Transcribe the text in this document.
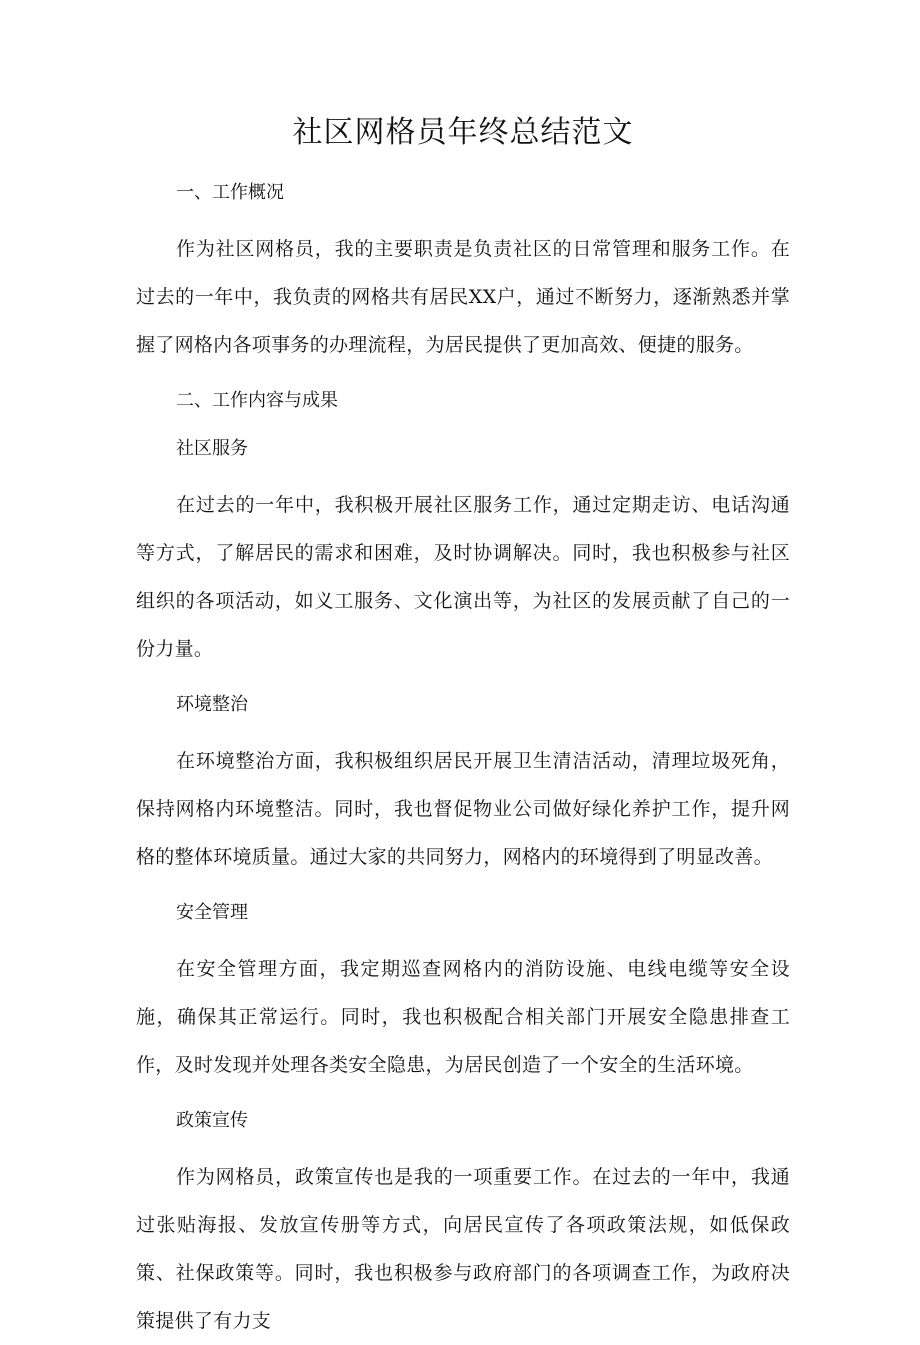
社区网格员年终总结范文

一、工作概况

作为社区网格员，我的主要职责是负责社区的日常管理和服务工作。在过去的一年中，我负责的网格共有居民XX户，通过不断努力，逐渐熟悉并掌握了网格内各项事务的办理流程，为居民提供了更加高效、便捷的服务。

二、工作内容与成果

社区服务

在过去的一年中，我积极开展社区服务工作，通过定期走访、电话沟通等方式，了解居民的需求和困难，及时协调解决。同时，我也积极参与社区组织的各项活动，如义工服务、文化演出等，为社区的发展贡献了自己的一份力量。

环境整治

在环境整治方面，我积极组织居民开展卫生清洁活动，清理垃圾死角，保持网格内环境整洁。同时，我也督促物业公司做好绿化养护工作，提升网格的整体环境质量。通过大家的共同努力，网格内的环境得到了明显改善。

安全管理

在安全管理方面，我定期巡查网格内的消防设施、电线电缆等安全设施，确保其正常运行。同时，我也积极配合相关部门开展安全隐患排查工作，及时发现并处理各类安全隐患，为居民创造了一个安全的生活环境。

政策宣传

作为网格员，政策宣传也是我的一项重要工作。在过去的一年中，我通过张贴海报、发放宣传册等方式，向居民宣传了各项政策法规，如低保政策、社保政策等。同时，我也积极参与政府部门的各项调查工作，为政府决策提供了有力支
